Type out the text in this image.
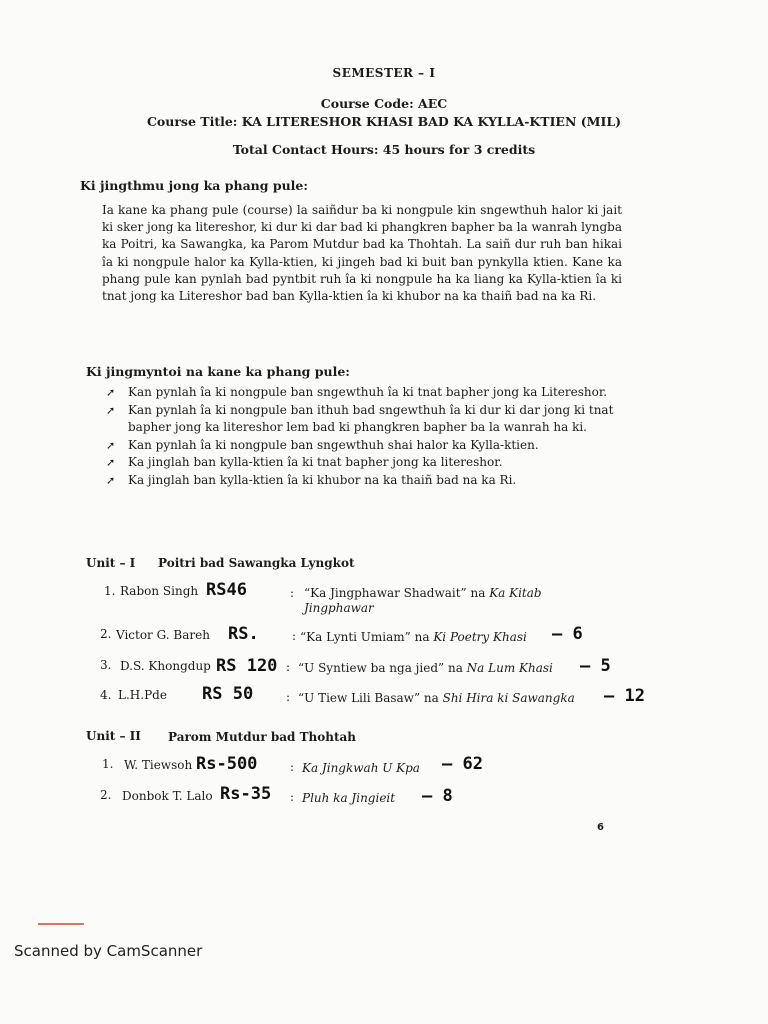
SEMESTER – I
Course Code: AEC
Course Title: KA LITERESHOR KHASI BAD KA KYLLA-KTIEN (MIL)
Total Contact Hours: 45 hours for 3 credits
Ki jingthmu jong ka phang pule:
Ia kane ka phang pule (course) la saiñdur ba ki nongpule kin sngewthuh halor ki jait ki sker jong ka litereshor, ki dur ki dar bad ki phangkren bapher ba la wanrah lyngba ka Poitri, ka Sawangka, ka Parom Mutdur bad ka Thohtah. La saiñ dur ruh ban hikai îa ki nongpule halor ka Kylla-ktien, ki jingeh bad ki buit ban pynkylla ktien. Kane ka phang pule kan pynlah bad pyntbit ruh îa ki nongpule ha ka liang ka Kylla-ktien îa ki tnat jong ka Litereshor bad ban Kylla-ktien îa ki khubor na ka thaiñ bad na ka Ri.
Ki jingmyntoi na kane ka phang pule:
➚ Kan pynlah îa ki nongpule ban sngewthuh îa ki tnat bapher jong ka Litereshor.
➚ Kan pynlah îa ki nongpule ban ithuh bad sngewthuh îa ki dur ki dar jong ki tnat bapher jong ka litereshor lem bad ki phangkren bapher ba la wanrah ha ki.
➚ Kan pynlah îa ki nongpule ban sngewthuh shai halor ka Kylla-ktien.
➚ Ka jinglah ban kylla-ktien îa ki tnat bapher jong ka litereshor.
➚ Ka jinglah ban kylla-ktien îa ki khubor na ka thaiñ bad na ka Ri.
Unit – I Poitri bad Sawangka Lyngkot
1. Rabon Singh RS46	: “Ka Jingphawar Shadwait” na Ka Kitab Jingphawar
2. Victor G. Bareh RS.	: “Ka Lynti Umiam” na Ki Poetry Khasi – 6
3. D.S. Khongdup RS 120 : “U Syntiew ba nga jied” na Na Lum Khasi – 5
4. L.H.Pde RS 50	: “U Tiew Lili Basaw” na Shi Hira ki Sawangka – 12
Unit – II Parom Mutdur bad Thohtah
1. W. Tiewsoh Rs-500	: Ka Jingkwah U Kpa – 62
2. Donbok T. Lalo Rs-35 : Pluh ka Jingieit – 8
6
Scanned by CamScanner
